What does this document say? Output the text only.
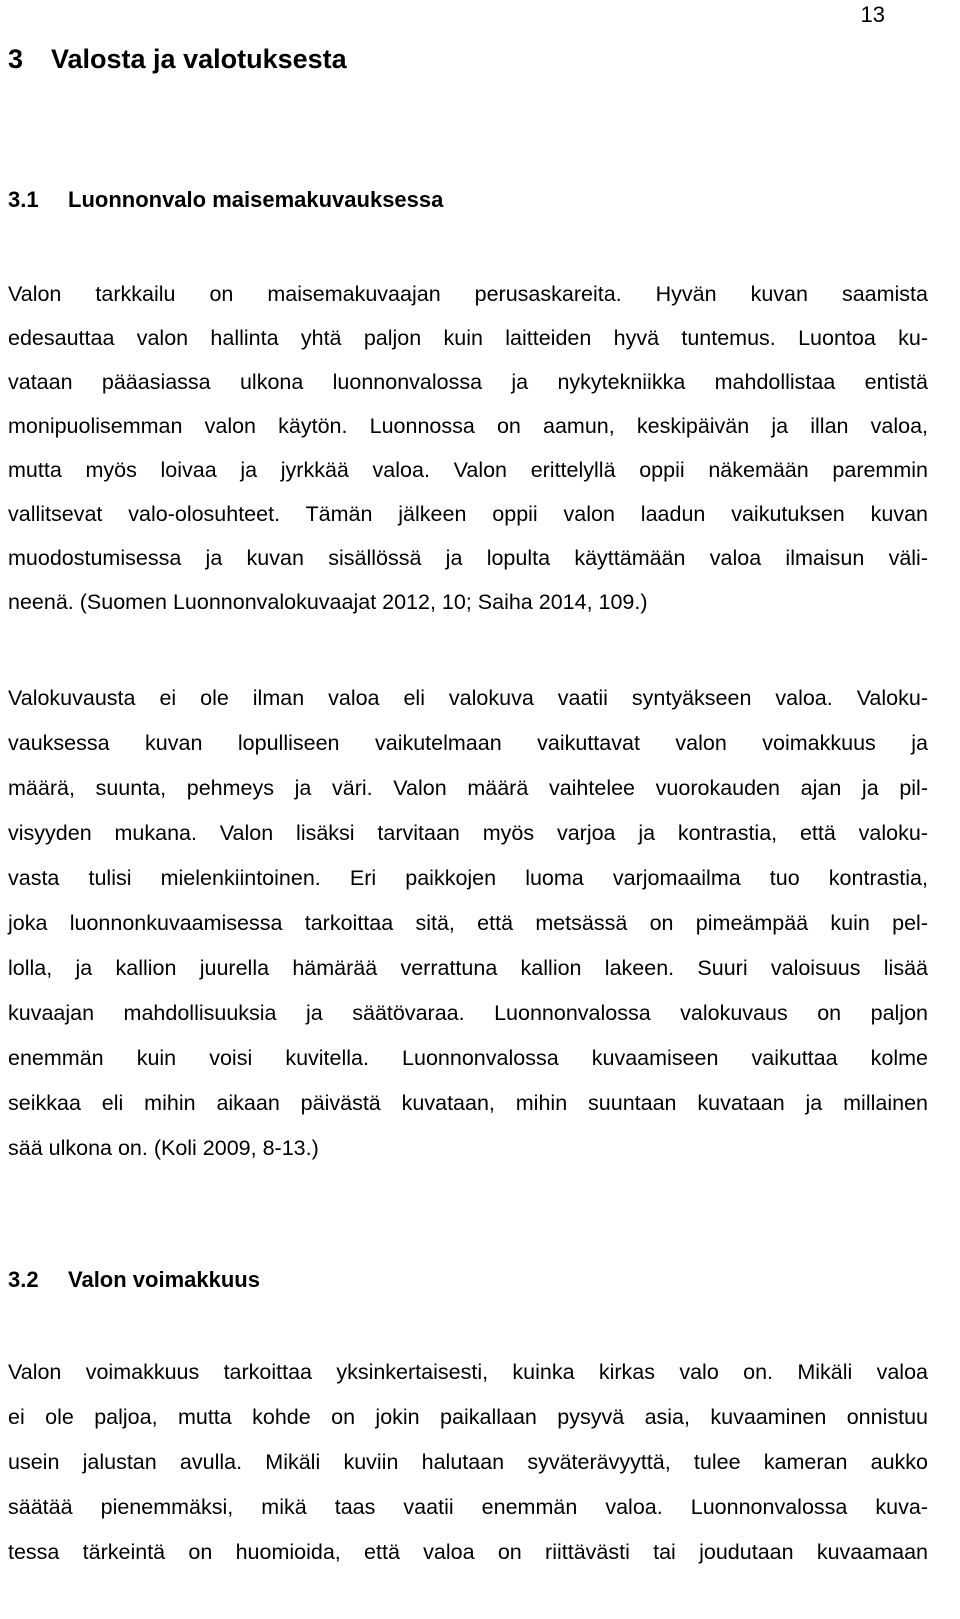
13
3 Valosta ja valotuksesta
3.1 Luonnonvalo maisemakuvauksessa
Valon tarkkailu on maisemakuvaajan perusaskareita. Hyvän kuvan saamista
edesauttaa valon hallinta yhtä paljon kuin laitteiden hyvä tuntemus. Luontoa ku-
vataan pääasiassa ulkona luonnonvalossa ja nykytekniikka mahdollistaa entistä
monipuolisemman valon käytön. Luonnossa on aamun, keskipäivän ja illan valoa,
mutta myös loivaa ja jyrkkää valoa. Valon erittelyllä oppii näkemään paremmin
vallitsevat valo-olosuhteet. Tämän jälkeen oppii valon laadun vaikutuksen kuvan
muodostumisessa ja kuvan sisällössä ja lopulta käyttämään valoa ilmaisun väli-
neenä. (Suomen Luonnonvalokuvaajat 2012, 10; Saiha 2014, 109.)
Valokuvausta ei ole ilman valoa eli valokuva vaatii syntyäkseen valoa. Valoku-
vauksessa kuvan lopulliseen vaikutelmaan vaikuttavat valon voimakkuus ja
määrä, suunta, pehmeys ja väri. Valon määrä vaihtelee vuorokauden ajan ja pil-
visyyden mukana. Valon lisäksi tarvitaan myös varjoa ja kontrastia, että valoku-
vasta tulisi mielenkiintoinen. Eri paikkojen luoma varjomaailma tuo kontrastia,
joka luonnonkuvaamisessa tarkoittaa sitä, että metsässä on pimeämpää kuin pel-
lolla, ja kallion juurella hämärää verrattuna kallion lakeen. Suuri valoisuus lisää
kuvaajan mahdollisuuksia ja säätövaraa. Luonnonvalossa valokuvaus on paljon
enemmän kuin voisi kuvitella. Luonnonvalossa kuvaamiseen vaikuttaa kolme
seikkaa eli mihin aikaan päivästä kuvataan, mihin suuntaan kuvataan ja millainen
sää ulkona on. (Koli 2009, 8-13.)
3.2 Valon voimakkuus
Valon voimakkuus tarkoittaa yksinkertaisesti, kuinka kirkas valo on. Mikäli valoa
ei ole paljoa, mutta kohde on jokin paikallaan pysyvä asia, kuvaaminen onnistuu
usein jalustan avulla. Mikäli kuviin halutaan syväterävyyttä, tulee kameran aukko
säätää pienemmäksi, mikä taas vaatii enemmän valoa. Luonnonvalossa kuva-
tessa tärkeintä on huomioida, että valoa on riittävästi tai joudutaan kuvaamaan
